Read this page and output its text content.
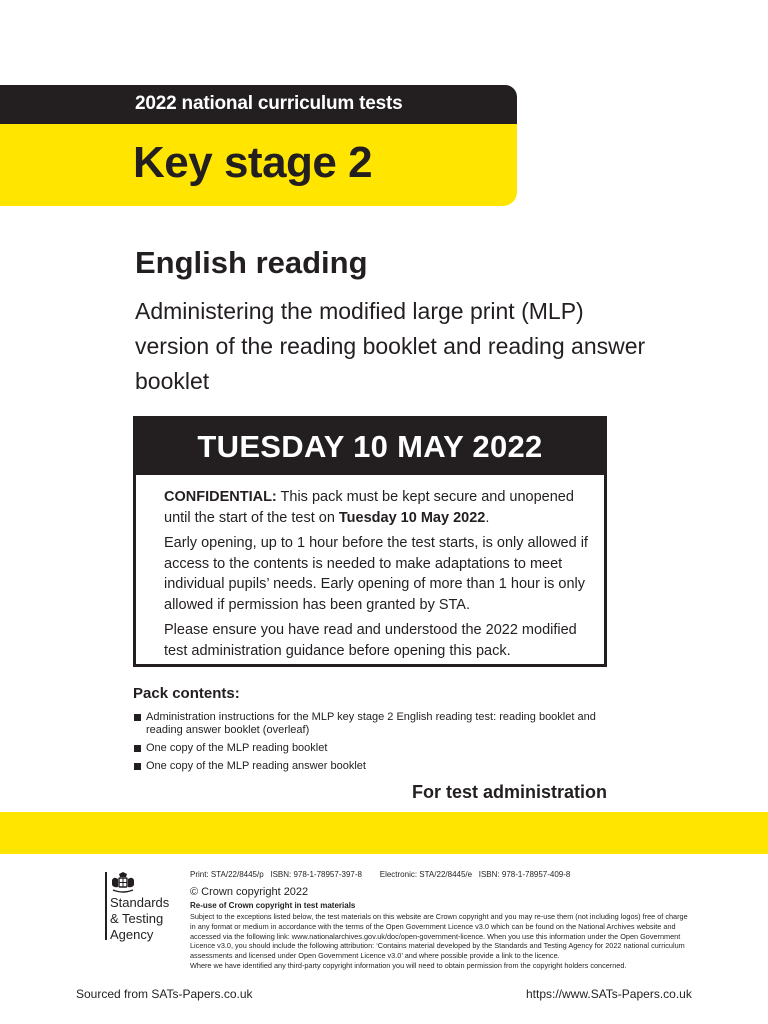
2022 national curriculum tests
Key stage 2
English reading
Administering the modified large print (MLP) version of the reading booklet and reading answer booklet
TUESDAY 10 MAY 2022

CONFIDENTIAL: This pack must be kept secure and unopened until the start of the test on Tuesday 10 May 2022.

Early opening, up to 1 hour before the test starts, is only allowed if access to the contents is needed to make adaptations to meet individual pupils’ needs. Early opening of more than 1 hour is only allowed if permission has been granted by STA.

Please ensure you have read and understood the 2022 modified test administration guidance before opening this pack.

Pack contents:
Administration instructions for the MLP key stage 2 English reading test: reading booklet and reading answer booklet (overleaf)
One copy of the MLP reading booklet
One copy of the MLP reading answer booklet
For test administration
Standards
& Testing
Agency
Print: STA/22/8445/p   ISBN: 978-1-78957-397-8        Electronic: STA/22/8445/e   ISBN: 978-1-78957-409-8
© Crown copyright 2022
Re-use of Crown copyright in test materials
Subject to the exceptions listed below, the test materials on this website are Crown copyright and you may re-use them (not including logos) free of charge in any format or medium in accordance with the terms of the Open Government Licence v3.0 which can be found on the National Archives website and accessed via the following link: www.nationalarchives.gov.uk/doc/open-government-licence. When you use this information under the Open Government Licence v3.0, you should include the following attribution: ‘Contains material developed by the Standards and Testing Agency for 2022 national curriculum assessments and licensed under Open Government Licence v3.0’ and where possible provide a link to the licence.
Where we have identified any third-party copyright information you will need to obtain permission from the copyright holders concerned.
Sourced from SATs-Papers.co.uk	https://www.SATs-Papers.co.uk
